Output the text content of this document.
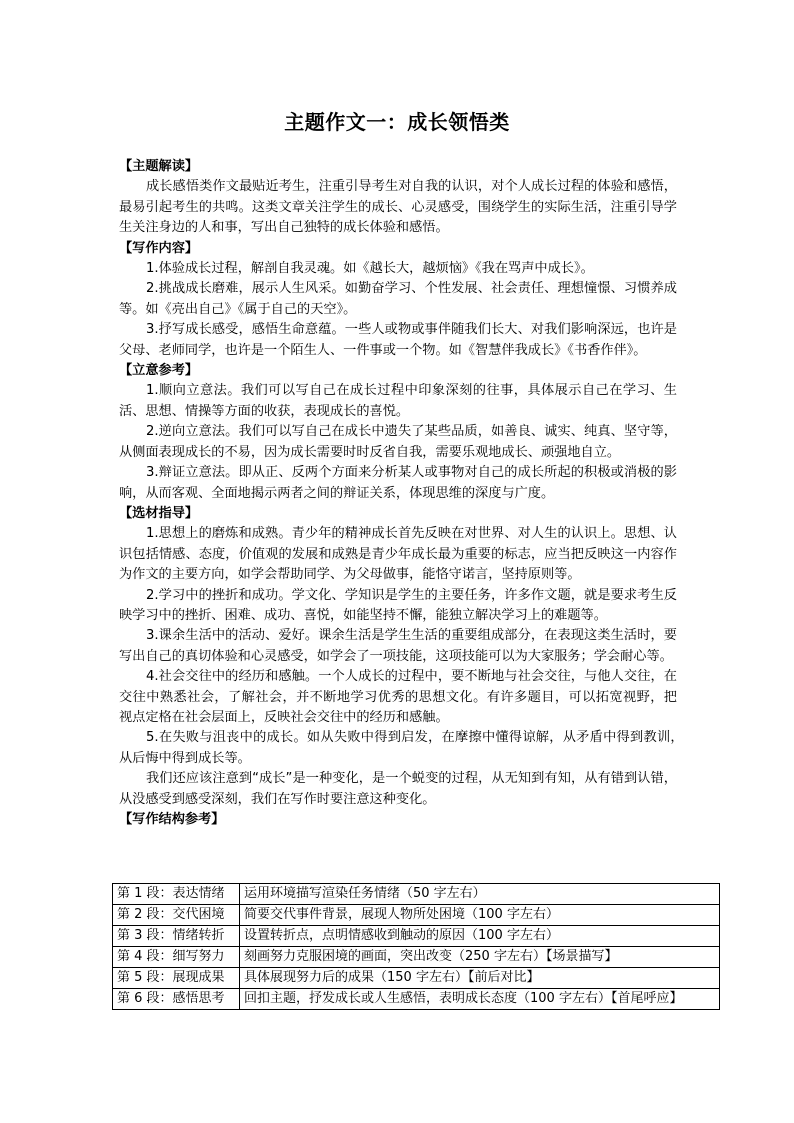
主题作文一：成长领悟类

【主题解读】

成长感悟类作文最贴近考生，注重引导考生对自我的认识，对个人成长过程的体验和感悟，最易引起考生的共鸣。这类文章关注学生的成长、心灵感受，围绕学生的实际生活，注重引导学生关注身边的人和事，写出自己独特的成长体验和感悟。

【写作内容】

1.体验成长过程，解剖自我灵魂。如《越长大，越烦恼》《我在骂声中成长》。

2.挑战成长磨难，展示人生风采。如勤奋学习、个性发展、社会责任、理想憧憬、习惯养成等。如《亮出自己》《属于自己的天空》。

3.抒写成长感受，感悟生命意蕴。一些人或物或事伴随我们长大、对我们影响深远，也许是父母、老师同学，也许是一个陌生人、一件事或一个物。如《智慧伴我成长》《书香作伴》。

【立意参考】

1.顺向立意法。我们可以写自己在成长过程中印象深刻的往事，具体展示自己在学习、生活、思想、情操等方面的收获，表现成长的喜悦。

2.逆向立意法。我们可以写自己在成长中遗失了某些品质，如善良、诚实、纯真、坚守等， 从侧面表现成长的不易，因为成长需要时时反省自我，需要乐观地成长、顽强地自立。

3.辩证立意法。即从正、反两个方面来分析某人或事物对自己的成长所起的积极或消极的影响，从而客观、全面地揭示两者之间的辩证关系，体现思维的深度与广度。

【选材指导】

1.思想上的磨炼和成熟。青少年的精神成长首先反映在对世界、对人生的认识上。思想、认识包括情感、态度，价值观的发展和成熟是青少年成长最为重要的标志，应当把反映这一内容作为作文的主要方向，如学会帮助同学、为父母做事，能恪守诺言，坚持原则等。

2.学习中的挫折和成功。学文化、学知识是学生的主要任务，许多作文题，就是要求考生反映学习中的挫折、困难、成功、喜悦，如能坚持不懈，能独立解决学习上的难题等。

3.课余生活中的活动、爱好。课余生活是学生生活的重要组成部分，在表现这类生活时，要写出自己的真切体验和心灵感受，如学会了一项技能，这项技能可以为大家服务；学会耐心等。

4.社会交往中的经历和感触。一个人成长的过程中，要不断地与社会交往，与他人交往，在交往中熟悉社会，了解社会，并不断地学习优秀的思想文化。有许多题目，可以拓宽视野，把　视点定格在社会层面上，反映社会交往中的经历和感触。

5.在失败与沮丧中的成长。如从失败中得到启发，在摩擦中懂得谅解，从矛盾中得到教训，　从后悔中得到成长等。

我们还应该注意到“成长”是一种变化，是一个蜕变的过程，从无知到有知，从有错到认错，从没感受到感受深刻，我们在写作时要注意这种变化。

【写作结构参考】

第 1 段：表达情绪	运用环境描写渲染任务情绪（50 字左右）
第 2 段：交代困境	简要交代事件背景，展现人物所处困境（100 字左右）
第 3 段：情绪转折	设置转折点，点明情感收到触动的原因（100 字左右）
第 4 段：细写努力	刻画努力克服困境的画面，突出改变（250 字左右）【场景描写】
第 5 段：展现成果	具体展现努力后的成果（150 字左右）【前后对比】
第 6 段：感悟思考	回扣主题，抒发成长或人生感悟，表明成长态度（100 字左右）【首尾呼应】
